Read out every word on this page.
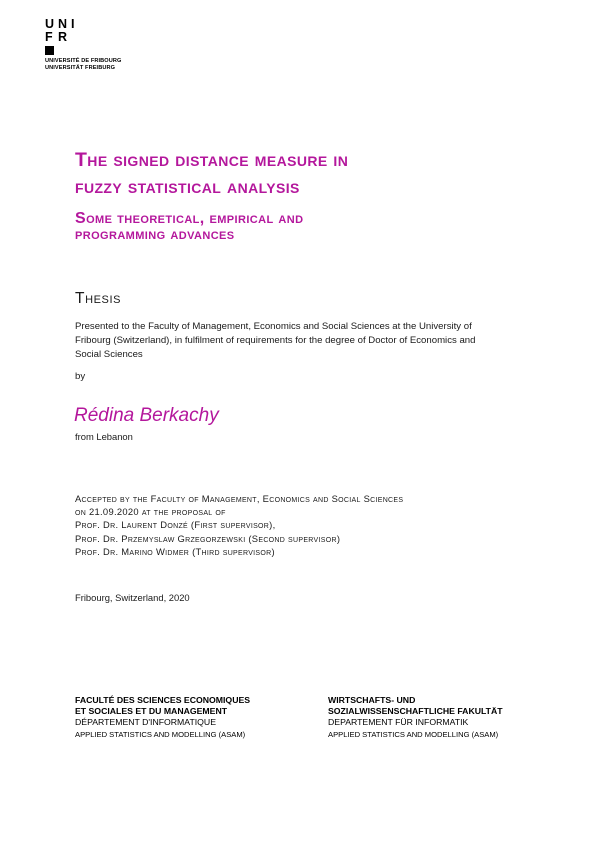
U N I
F R
UNIVERSITÉ DE FRIBOURG
UNIVERSITÄT FREIBURG
The signed distance measure in
fuzzy statistical analysis
Some theoretical, empirical and
programming advances
Thesis
Presented to the Faculty of Management, Economics and Social Sciences at the University of
Fribourg (Switzerland), in fulfilment of requirements for the degree of Doctor of Economics and
Social Sciences
by
Rédina Berkachy
from Lebanon
Accepted by the Faculty of Management, Economics and Social Sciences
on 21.09.2020 at the proposal of
Prof. Dr. Laurent Donzé (First supervisor),
Prof. Dr. Przemyslaw Grzegorzewski (Second supervisor)
Prof. Dr. Marino Widmer (Third supervisor)
Fribourg, Switzerland, 2020
FACULTÉ DES SCIENCES ECONOMIQUES
ET SOCIALES ET DU MANAGEMENT
DÉPARTEMENT D'INFORMATIQUE
APPLIED STATISTICS AND MODELLING (ASAM)
WIRTSCHAFTS- UND
SOZIALWISSENSCHAFTLICHE FAKULTÄT
DEPARTEMENT FÜR INFORMATIK
APPLIED STATISTICS AND MODELLING (ASAM)
